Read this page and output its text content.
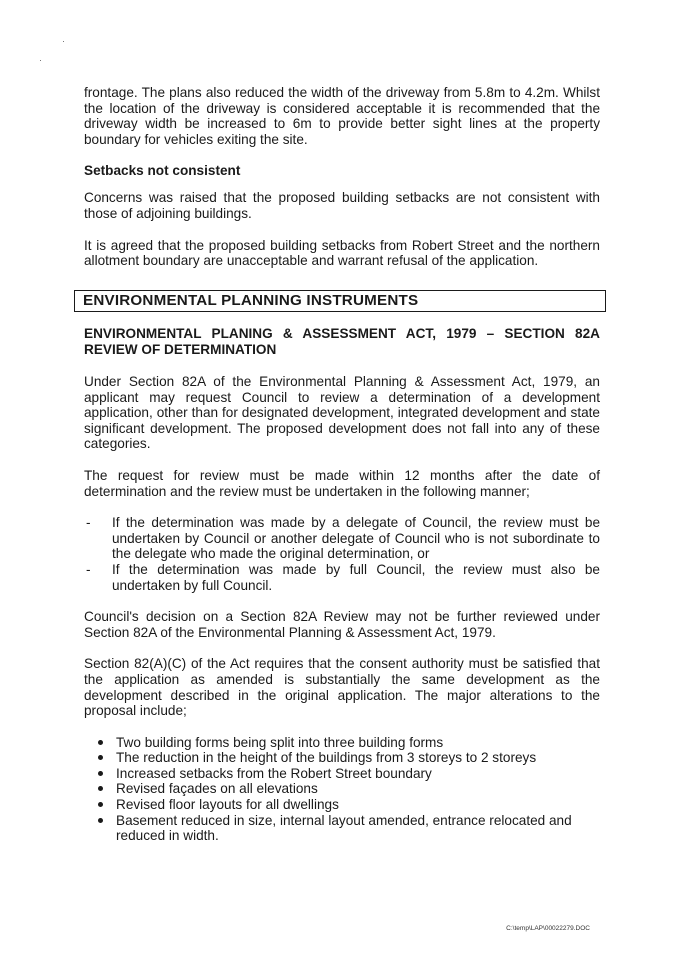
frontage. The plans also reduced the width of the driveway from 5.8m to 4.2m. Whilst the location of the driveway is considered acceptable it is recommended that the driveway width be increased to 6m to provide better sight lines at the property boundary for vehicles exiting the site.

Setbacks not consistent

Concerns was raised that the proposed building setbacks are not consistent with those of adjoining buildings.

It is agreed that the proposed building setbacks from Robert Street and the northern allotment boundary are unacceptable and warrant refusal of the application.

ENVIRONMENTAL PLANNING INSTRUMENTS
ENVIRONMENTAL PLANING & ASSESSMENT ACT, 1979 – SECTION 82A REVIEW OF DETERMINATION

Under Section 82A of the Environmental Planning & Assessment Act, 1979, an applicant may request Council to review a determination of a development application, other than for designated development, integrated development and state significant development. The proposed development does not fall into any of these categories.

The request for review must be made within 12 months after the date of determination and the review must be undertaken in the following manner;

- If the determination was made by a delegate of Council, the review must be undertaken by Council or another delegate of Council who is not subordinate to the delegate who made the original determination, or
- If the determination was made by full Council, the review must also be undertaken by full Council.

Council's decision on a Section 82A Review may not be further reviewed under Section 82A of the Environmental Planning & Assessment Act, 1979.

Section 82(A)(C) of the Act requires that the consent authority must be satisfied that the application as amended is substantially the same development as the development described in the original application. The major alterations to the proposal include;

Two building forms being split into three building forms
The reduction in the height of the buildings from 3 storeys to 2 storeys
Increased setbacks from the Robert Street boundary
Revised façades on all elevations
Revised floor layouts for all dwellings
Basement reduced in size, internal layout amended, entrance relocated and reduced in width.
C:\temp\LAP\00022279.DOC
